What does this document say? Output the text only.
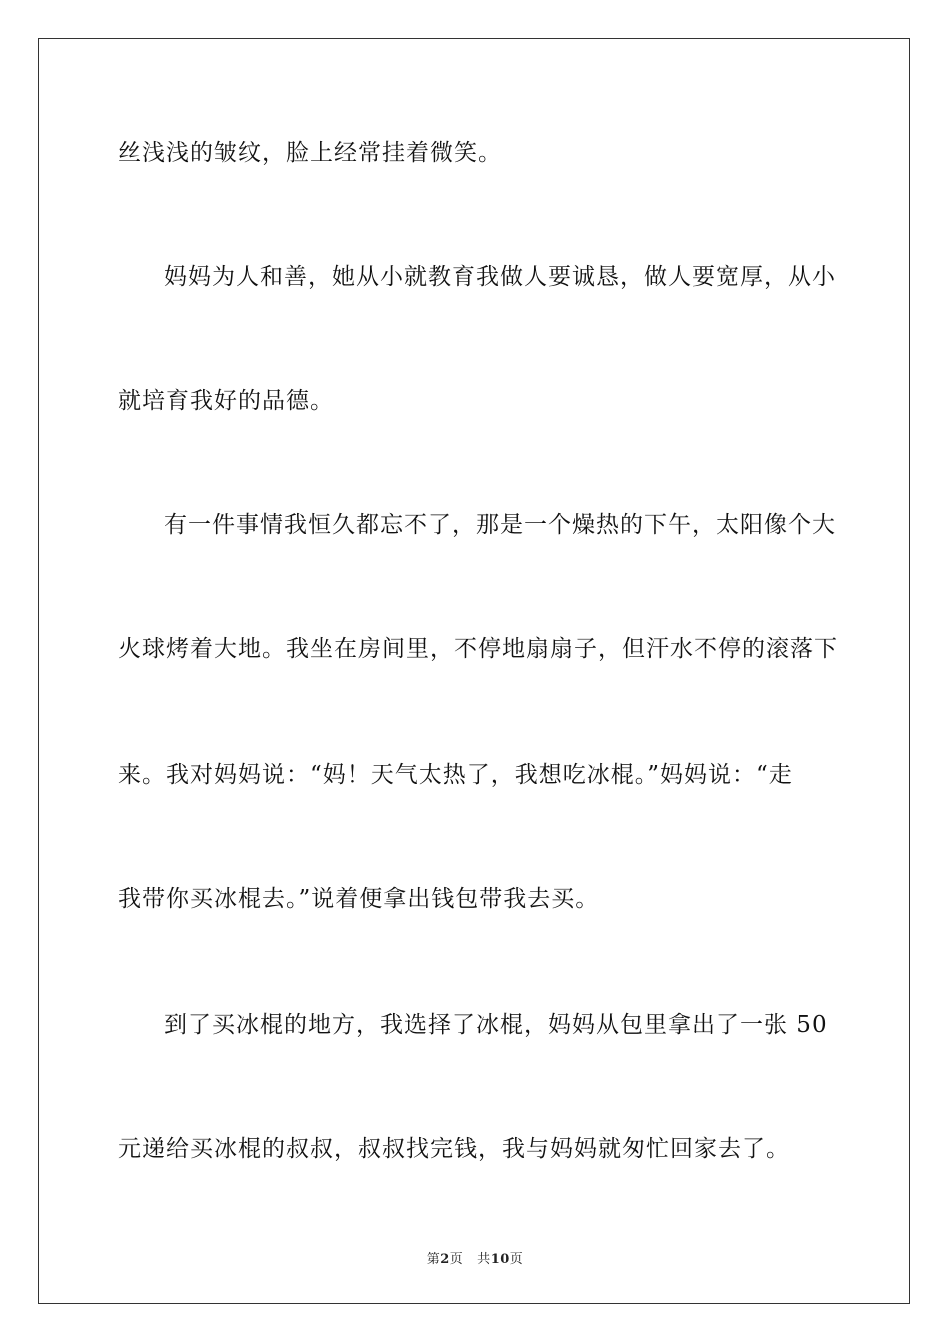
丝浅浅的皱纹，脸上经常挂着微笑。
妈妈为人和善，她从小就教育我做人要诚恳，做人要宽厚，从小
就培育我好的品德。
有一件事情我恒久都忘不了，那是一个燥热的下午，太阳像个大
火球烤着大地。我坐在房间里，不停地扇扇子，但汗水不停的滚落下
来。我对妈妈说：“妈！天气太热了，我想吃冰棍。”妈妈说：“走
我带你买冰棍去。”说着便拿出钱包带我去买。
到了买冰棍的地方，我选择了冰棍，妈妈从包里拿出了一张 50
元递给买冰棍的叔叔，叔叔找完钱，我与妈妈就匆忙回家去了。
第2页 共10页
